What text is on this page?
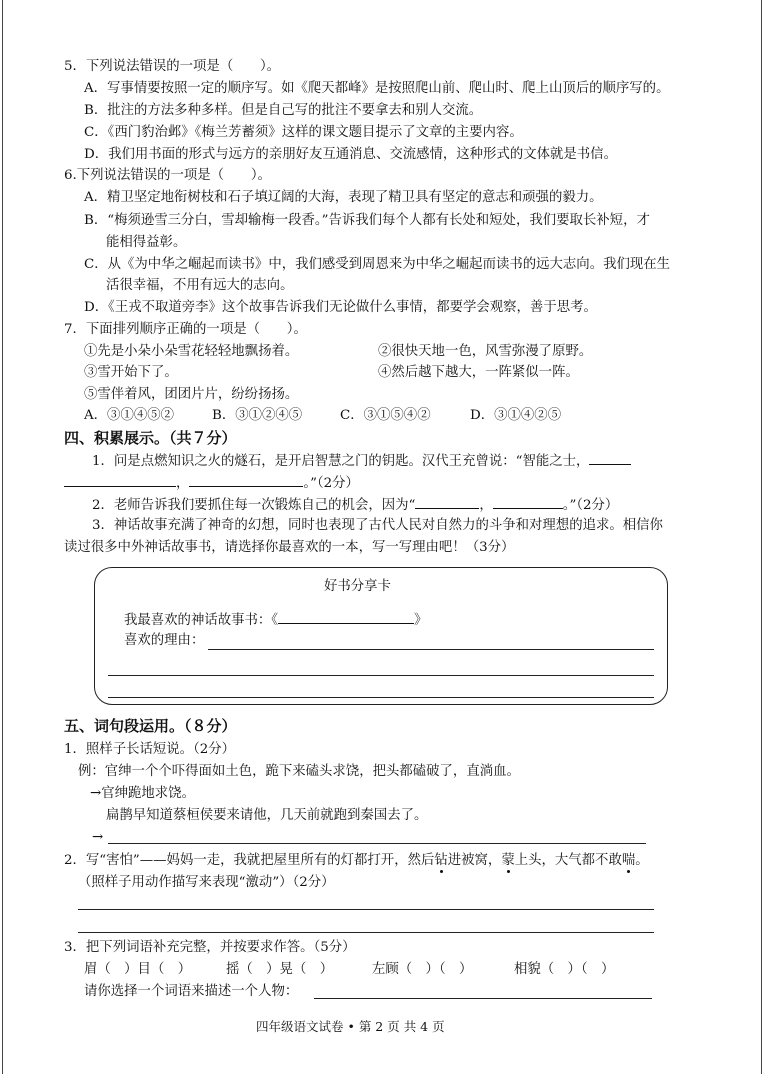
5．下列说法错误的一项是（　　）。
A．写事情要按照一定的顺序写。如《爬天都峰》是按照爬山前、爬山时、爬上山顶后的顺序写的。
B．批注的方法多种多样。但是自己写的批注不要拿去和别人交流。
C．《西门豹治邺》《梅兰芳蓄须》这样的课文题目提示了文章的主要内容。
D．我们用书面的形式与远方的亲朋好友互通消息、交流感情，这种形式的文体就是书信。
6.下列说法错误的一项是（　　）。
A．精卫坚定地衔树枝和石子填辽阔的大海，表现了精卫具有坚定的意志和顽强的毅力。
B．“梅须逊雪三分白，雪却输梅一段香。”告诉我们每个人都有长处和短处，我们要取长补短，才
能相得益彰。
C．从《为中华之崛起而读书》中，我们感受到周恩来为中华之崛起而读书的远大志向。我们现在生
活很幸福，不用有远大的志向。
D．《王戎不取道旁李》这个故事告诉我们无论做什么事情，都要学会观察，善于思考。
7．下面排列顺序正确的一项是（　　）。
①先是小朵小朵雪花轻轻地飘扬着。	②很快天地一色，风雪弥漫了原野。
③雪开始下了。	④然后越下越大，一阵紧似一阵。
⑤雪伴着风，团团片片，纷纷扬扬。
A．③①④⑤②	B．③①②④⑤	C．③①⑤④②	D．③①④②⑤
四、积累展示。（共７分）
1．问是点燃知识之火的燧石，是开启智慧之门的钥匙。汉代王充曾说：“智能之士，
，	。”（2分）
2．老师告诉我们要抓住每一次锻炼自己的机会，因为“	，	。”（2分）
3．神话故事充满了神奇的幻想，同时也表现了古代人民对自然力的斗争和对理想的追求。相信你
读过很多中外神话故事书，请选择你最喜欢的一本，写一写理由吧！（3分）
好书分享卡
我最喜欢的神话故事书：《	》
喜欢的理由：
五、词句段运用。（８分）
1．照样子长话短说。（2分）
例：官绅一个个吓得面如土色，跪下来磕头求饶，把头都磕破了，直淌血。
→官绅跪地求饶。
扁鹊早知道蔡桓侯要来请他，几天前就跑到秦国去了。
→
2．写“害怕”——妈妈一走，我就把屋里所有的灯都打开，然后钻进被窝，蒙上头，大气都不敢喘。
（照样子用动作描写来表现“激动”）（2分）
3．把下列词语补充完整，并按要求作答。（5分）
眉（　）目（　）	摇（　）晃（　）	左顾（　）（　）	相貌（　）（　）
请你选择一个词语来描述一个人物：
四年级语文试卷 • 第 2 页 共 4 页
